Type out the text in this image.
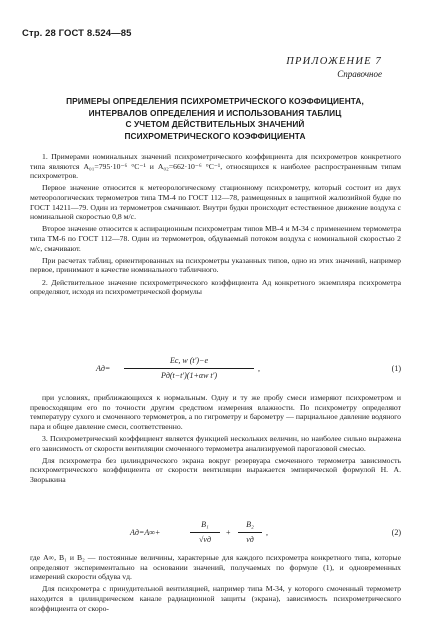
Стр. 28 ГОСТ 8.524—85
ПРИЛОЖЕНИЕ 7
Справочное
ПРИМЕРЫ ОПРЕДЕЛЕНИЯ ПСИХРОМЕТРИЧЕСКОГО КОЭФФИЦИЕНТА,
ИНТЕРВАЛОВ ОПРЕДЕЛЕНИЯ И ИСПОЛЬЗОВАНИЯ ТАБЛИЦ
С УЧЕТОМ ДЕЙСТВИТЕЛЬНЫХ ЗНАЧЕНИЙ
ПСИХРОМЕТРИЧЕСКОГО КОЭФФИЦИЕНТА

1. Примерами номинальных значений психрометрического коэффициента для психрометров конкретного типа являются A₀₁=795·10⁻⁶ °C⁻¹ и A₀₂=662·10⁻⁶ °C⁻¹, относящихся к наиболее распространенным типам психрометров.

Первое значение относится к метеорологическому стационному психрометру, который состоит из двух метеорологических термометров типа ТМ-4 по ГОСТ 112—78, размещенных в защитной жалюзийной будке по ГОСТ 14211—79. Один из термометров смачивают. Внутри будки происходит естественное движение воздуха с номинальной скоростью 0,8 м/с.

Второе значение относится к аспирационным психрометрам типов МВ-4 и М-34 с применением термометра типа ТМ-6 по ГОСТ 112—78. Один из термометров, обдуваемый потоком воздуха с номинальной скоростью 2 м/с, смачивают.

При расчетах таблиц, ориентированных на психрометры указанных типов, одно из этих значений, например первое, принимают в качестве номинального табличного.

2. Действительное значение психрометрического коэффициента Aд конкретного экземпляра психрометра определяют, исходя из психрометрической формулы

Aд=
Eс, w (t′)−e
Pд(t−t′)(1+αw t′)
,	(1)

при условиях, приближающихся к нормальным. Одну и ту же пробу смеси измеряют психрометром и превосходящим его по точности другим средством измерения влажности. По психрометру определяют температуру сухого и смоченного термометров, а по гигрометру и барометру — парциальное давление водяного пара и общее давление смеси, соответственно.

3. Психрометрический коэффициент является функцией нескольких величин, но наиболее сильно выражена его зависимость от скорости вентиляции смоченного термометра анализируемой парогазовой смесью.

Для психрометра без цилиндрического экрана вокруг резервуара смоченного термометра зависимость психрометрического коэффициента от скорости вентиляции выражается эмпирической формулой Н. А. Зворыкина

Aд=A∞+
B₁
√vд
+
B₂
vд
,	(2)

где A∞, B₁ и B₂ — постоянные величины, характерные для каждого психрометра конкретного типа, которые определяют экспериментально на основании значений, получаемых по формуле (1), и одновременных измерений скорости обдува vд.

Для психрометра с принудительной вентиляцией, например типа М-34, у которого смоченный термометр находится в цилиндрическом канале радиационной защиты (экрана), зависимость психрометрического коэффициента от скоро-
